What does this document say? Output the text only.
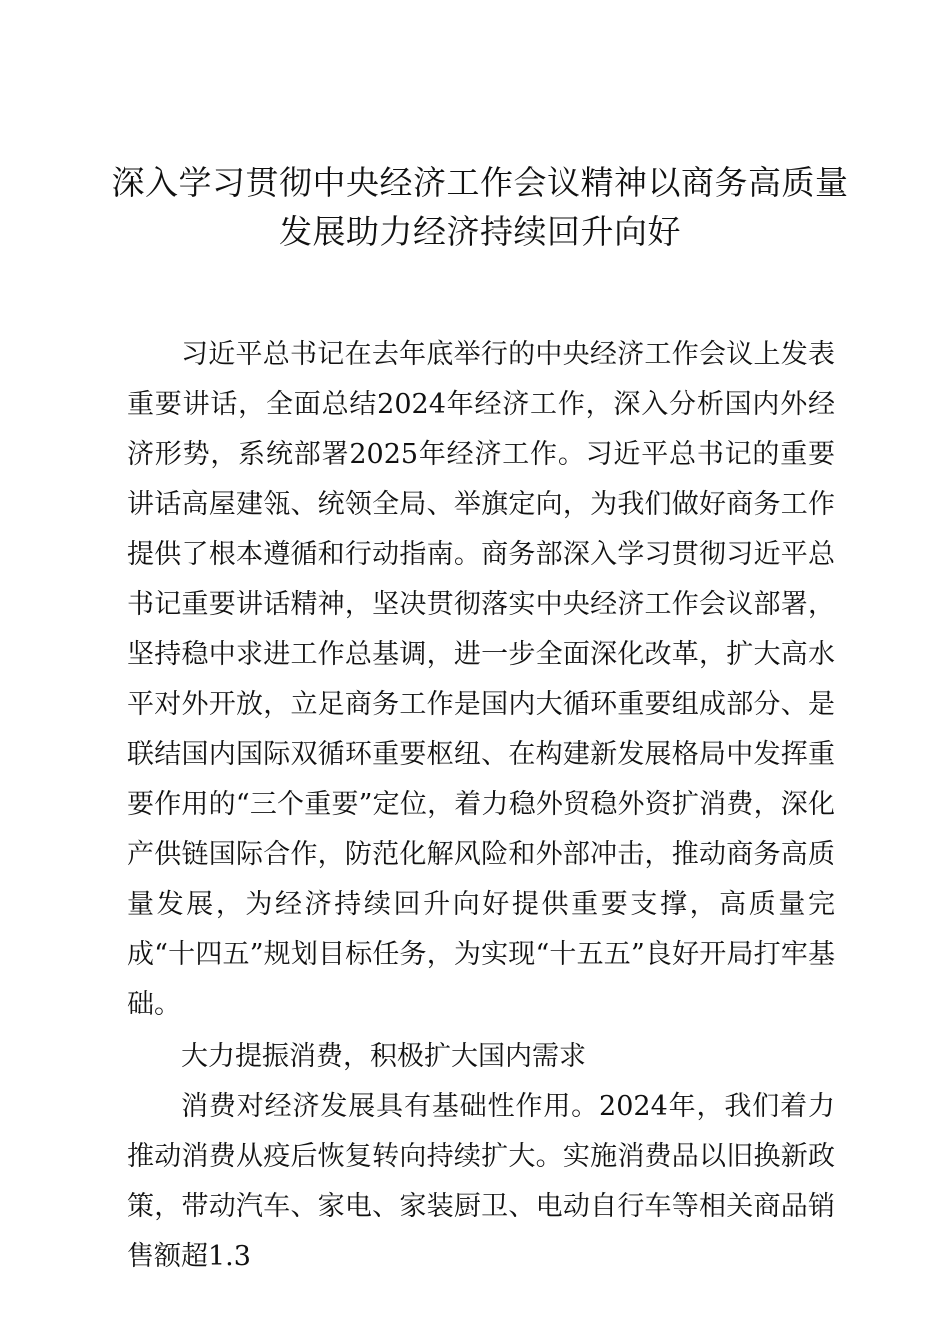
深入学习贯彻中央经济工作会议精神以商务高质量发展助力经济持续回升向好

习近平总书记在去年底举行的中央经济工作会议上发表重要讲话，全面总结2024年经济工作，深入分析国内外经济形势，系统部署2025年经济工作。习近平总书记的重要讲话高屋建瓴、统领全局、举旗定向，为我们做好商务工作提供了根本遵循和行动指南。商务部深入学习贯彻习近平总书记重要讲话精神，坚决贯彻落实中央经济工作会议部署，坚持稳中求进工作总基调，进一步全面深化改革，扩大高水平对外开放，立足商务工作是国内大循环重要组成部分、是联结国内国际双循环重要枢纽、在构建新发展格局中发挥重要作用的“三个重要”定位，着力稳外贸稳外资扩消费，深化产供链国际合作，防范化解风险和外部冲击，推动商务高质量发展，为经济持续回升向好提供重要支撑，高质量完成“十四五”规划目标任务，为实现“十五五”良好开局打牢基础。

大力提振消费，积极扩大国内需求

消费对经济发展具有基础性作用。2024年，我们着力推动消费从疫后恢复转向持续扩大。实施消费品以旧换新政策，带动汽车、家电、家装厨卫、电动自行车等相关商品销售额超1.3
